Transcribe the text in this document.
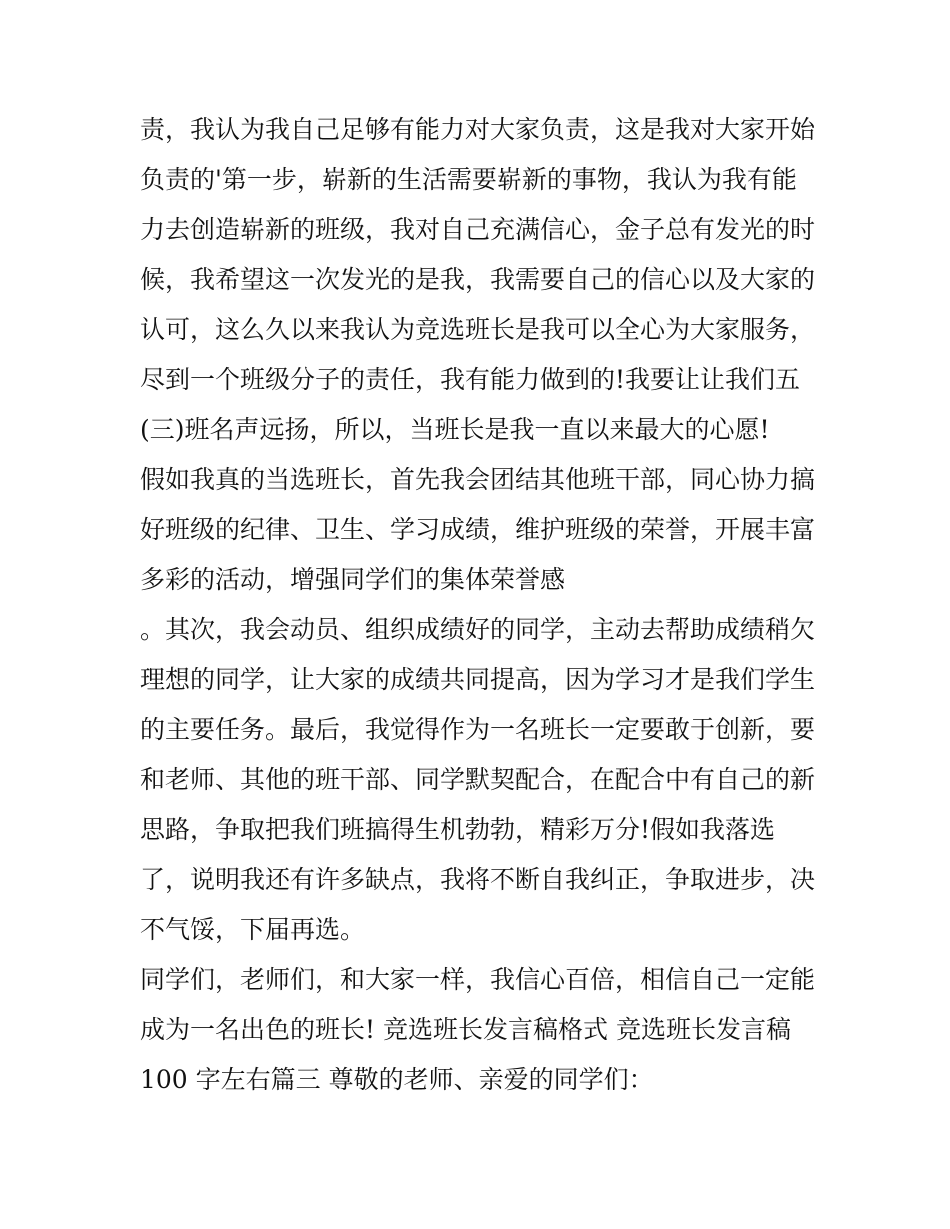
责，我认为我自己足够有能力对大家负责，这是我对大家开始
负责的'第一步，崭新的生活需要崭新的事物，我认为我有能
力去创造崭新的班级，我对自己充满信心，金子总有发光的时
候，我希望这一次发光的是我，我需要自己的信心以及大家的
认可，这么久以来我认为竞选班长是我可以全心为大家服务，
尽到一个班级分子的责任，我有能力做到的!我要让让我们五
(三)班名声远扬，所以，当班长是我一直以来最大的心愿!
假如我真的当选班长，首先我会团结其他班干部，同心协力搞
好班级的纪律、卫生、学习成绩，维护班级的荣誉，开展丰富
多彩的活动，增强同学们的集体荣誉感
。其次，我会动员、组织成绩好的同学，主动去帮助成绩稍欠
理想的同学，让大家的成绩共同提高，因为学习才是我们学生
的主要任务。最后，我觉得作为一名班长一定要敢于创新，要
和老师、其他的班干部、同学默契配合，在配合中有自己的新
思路，争取把我们班搞得生机勃勃，精彩万分!假如我落选
了，说明我还有许多缺点，我将不断自我纠正，争取进步，决
不气馁，下届再选。
同学们，老师们，和大家一样，我信心百倍，相信自己一定能
成为一名出色的班长! 竞选班长发言稿格式 竞选班长发言稿
100 字左右篇三 尊敬的老师、亲爱的同学们：
